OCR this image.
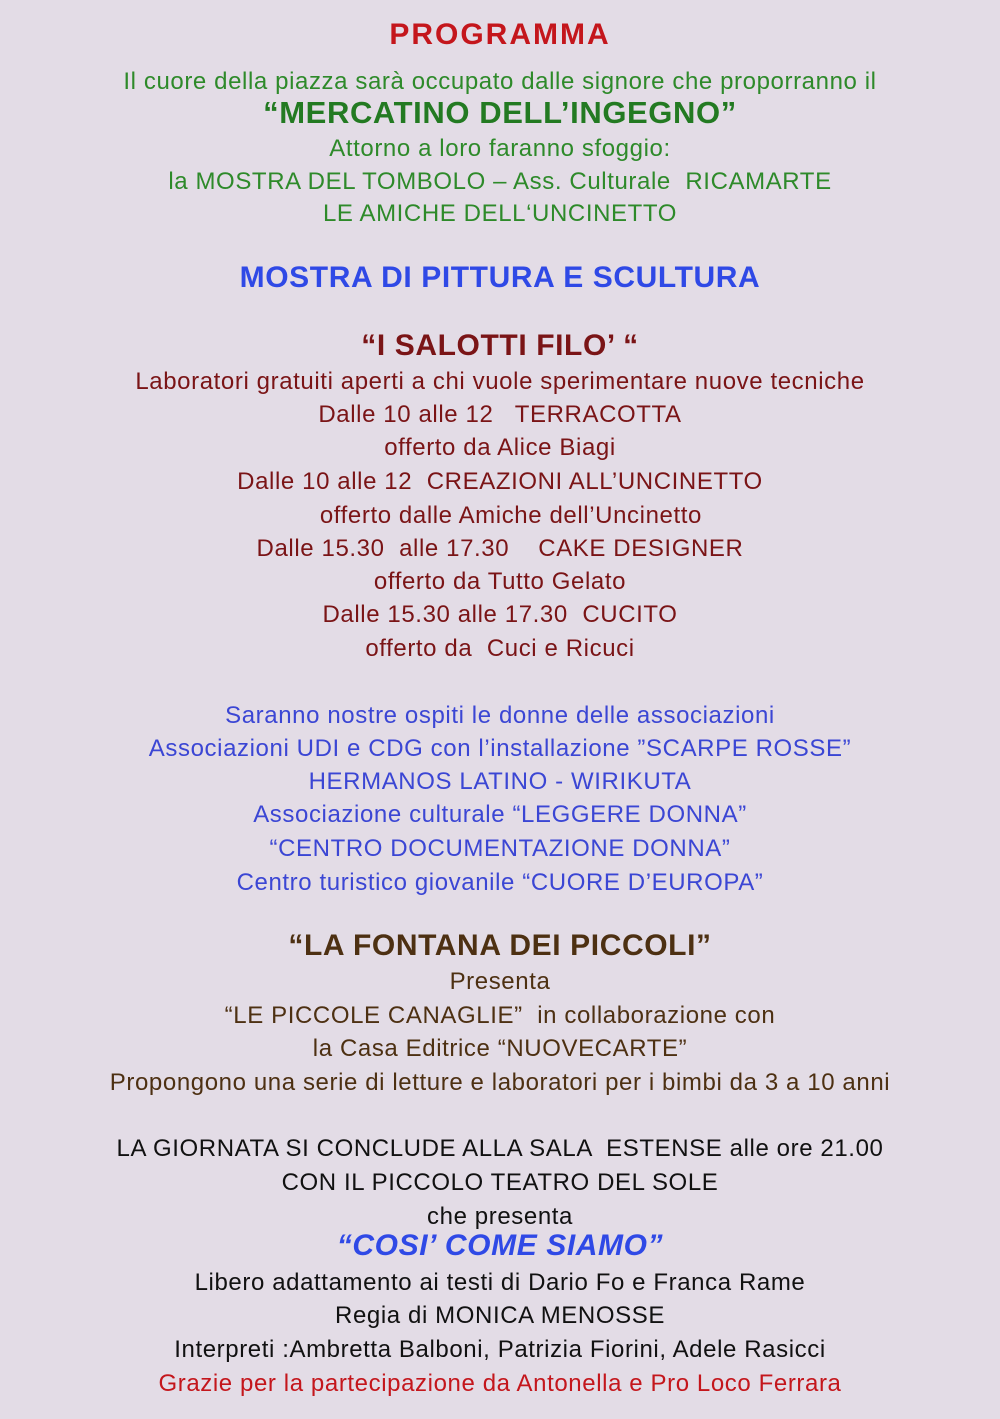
PROGRAMMA
Il cuore della piazza sarà occupato dalle signore che proporranno il
“MERCATINO DELL’INGEGNO”
Attorno a loro faranno sfoggio:
la MOSTRA DEL TOMBOLO – Ass. Culturale  RICAMARTE
LE AMICHE DELL‘UNCINETTO
MOSTRA DI PITTURA E SCULTURA
“I SALOTTI FILO’ “
Laboratori gratuiti aperti a chi vuole sperimentare nuove tecniche
Dalle 10 alle 12   TERRACOTTA
offerto da Alice Biagi
Dalle 10 alle 12  CREAZIONI ALL’UNCINETTO
offerto dalle Amiche dell’Uncinetto
Dalle 15.30  alle 17.30    CAKE DESIGNER
offerto da Tutto Gelato
Dalle 15.30 alle 17.30  CUCITO
offerto da  Cuci e Ricuci
Saranno nostre ospiti le donne delle associazioni
Associazioni UDI e CDG con l’installazione ”SCARPE ROSSE”
HERMANOS LATINO - WIRIKUTA
Associazione culturale “LEGGERE DONNA”
“CENTRO DOCUMENTAZIONE DONNA”
Centro turistico giovanile “CUORE D’EUROPA”
“LA FONTANA DEI PICCOLI”
Presenta
“LE PICCOLE CANAGLIE”  in collaborazione con
la Casa Editrice “NUOVECARTE”
Propongono una serie di letture e laboratori per i bimbi da 3 a 10 anni
LA GIORNATA SI CONCLUDE ALLA SALA  ESTENSE alle ore 21.00
CON IL PICCOLO TEATRO DEL SOLE
che presenta
“COSI’ COME SIAMO”
Libero adattamento ai testi di Dario Fo e Franca Rame
Regia di MONICA MENOSSE
Interpreti :Ambretta Balboni, Patrizia Fiorini, Adele Rasicci
Grazie per la partecipazione da Antonella e Pro Loco Ferrara
